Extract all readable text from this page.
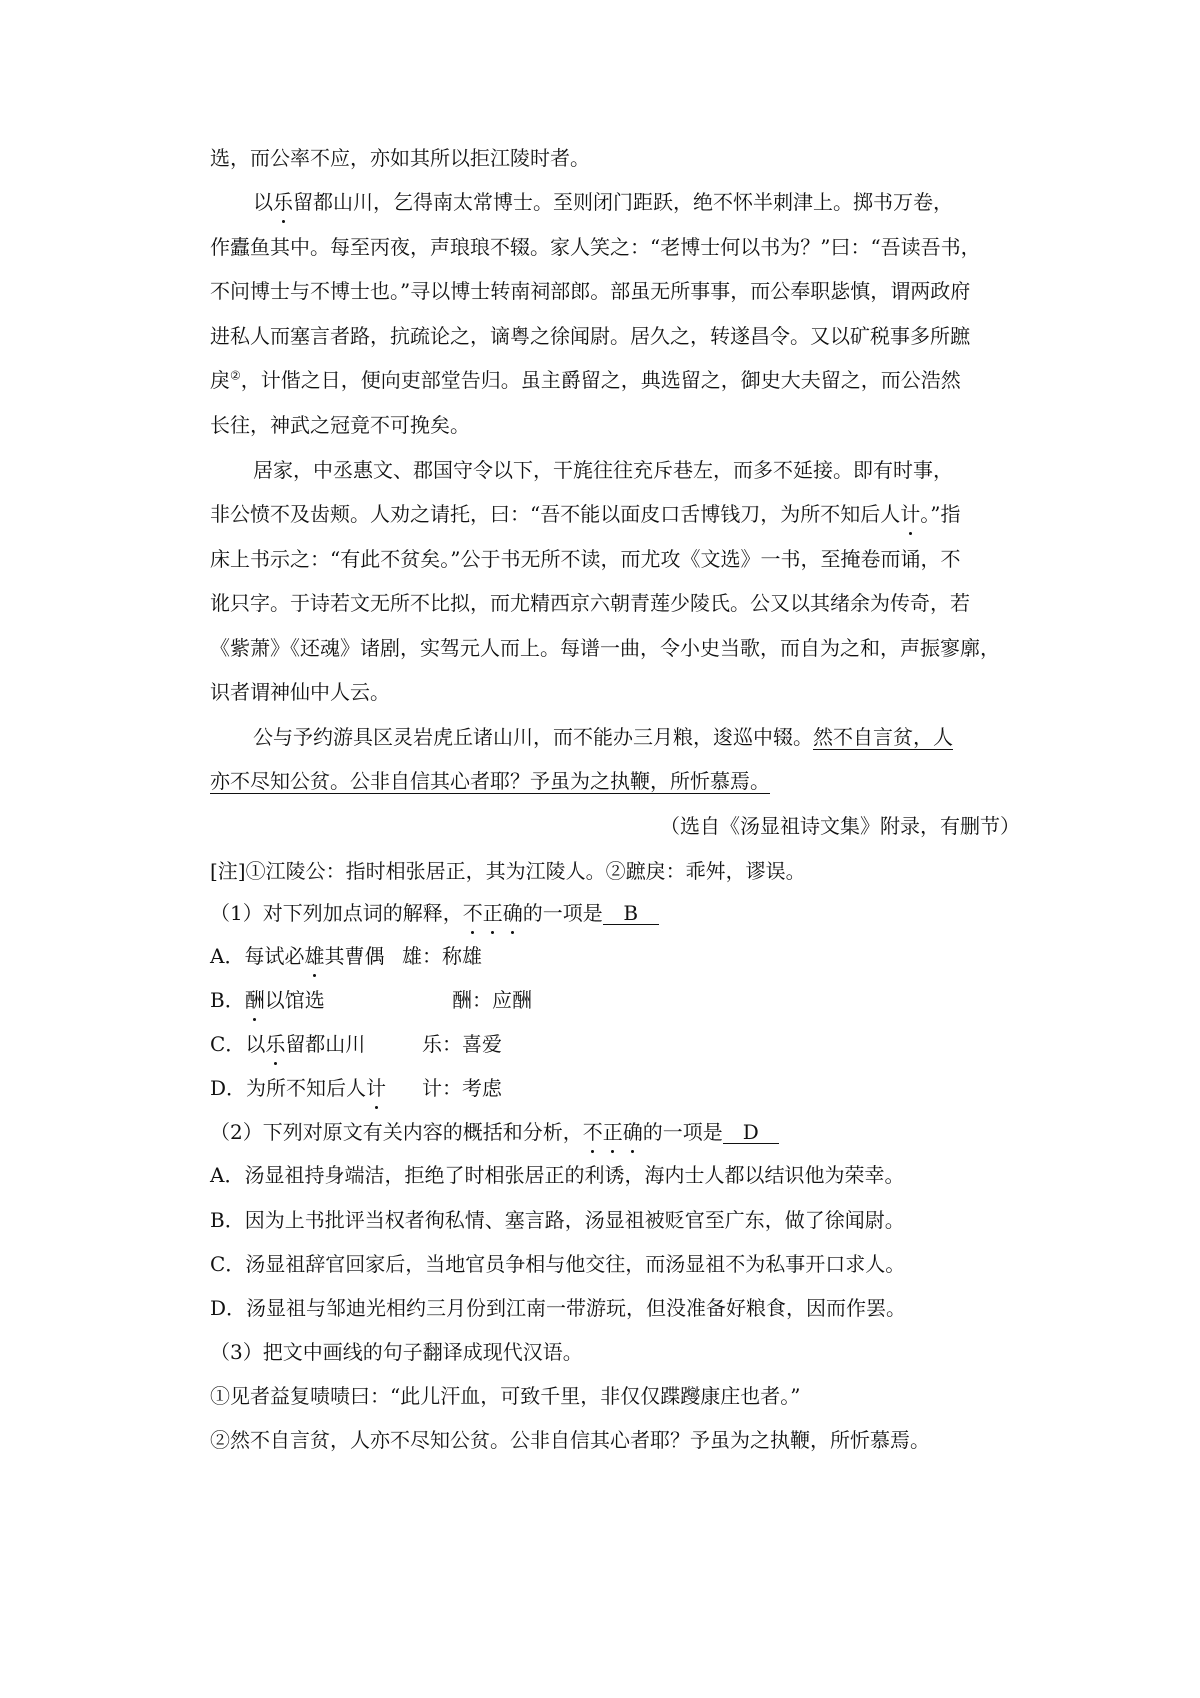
选，而公率不应，亦如其所以拒江陵时者。
以乐留都山川，乞得南太常博士。至则闭门距跃，绝不怀半刺津上。掷书万卷，
作蠹鱼其中。每至丙夜，声琅琅不辍。家人笑之：“老博士何以书为？”曰：“吾读吾书，
不问博士与不博士也。”寻以博士转南祠部郎。部虽无所事事，而公奉职毖慎，谓两政府
进私人而塞言者路，抗疏论之，谪粤之徐闻尉。居久之，转遂昌令。又以矿税事多所蹠
戾②，计偕之日，便向吏部堂告归。虽主爵留之，典选留之，御史大夫留之，而公浩然
长往，神武之冠竟不可挽矣。
居家，中丞惠文、郡国守令以下，干旄往往充斥巷左，而多不延接。即有时事，
非公愤不及齿颊。人劝之请托，曰：“吾不能以面皮口舌博钱刀，为所不知后人计。”指
床上书示之：“有此不贫矣。”公于书无所不读，而尤攻《文选》一书，至掩卷而诵，不
讹只字。于诗若文无所不比拟，而尤精西京六朝青莲少陵氏。公又以其绪余为传奇，若
《紫萧》《还魂》诸剧，实驾元人而上。每谱一曲，令小史当歌，而自为之和，声振寥廓，
识者谓神仙中人云。
公与予约游具区灵岩虎丘诸山川，而不能办三月粮，逡巡中辍。然不自言贫，人
亦不尽知公贫。公非自信其心者耶？予虽为之执鞭，所忻慕焉。
（选自《汤显祖诗文集》附录，有删节）
[注]①江陵公：指时相张居正，其为江陵人。②蹠戾：乖舛，谬误。
（1）对下列加点词的解释，不正确的一项是 B
A．每试必雄其曹偶 雄：称雄
B．酬以馆选	酬：应酬
C．以乐留都山川	乐：喜爱
D．为所不知后人计 计：考虑
（2）下列对原文有关内容的概括和分析，不正确的一项是 D
A．汤显祖持身端洁，拒绝了时相张居正的利诱，海内士人都以结识他为荣幸。
B．因为上书批评当权者徇私情、塞言路，汤显祖被贬官至广东，做了徐闻尉。
C．汤显祖辞官回家后，当地官员争相与他交往，而汤显祖不为私事开口求人。
D．汤显祖与邹迪光相约三月份到江南一带游玩，但没准备好粮食，因而作罢。
（3）把文中画线的句子翻译成现代汉语。
①见者益复啧啧曰：“此儿汗血，可致千里，非仅仅蹀躞康庄也者。”
②然不自言贫，人亦不尽知公贫。公非自信其心者耶？予虽为之执鞭，所忻慕焉。
